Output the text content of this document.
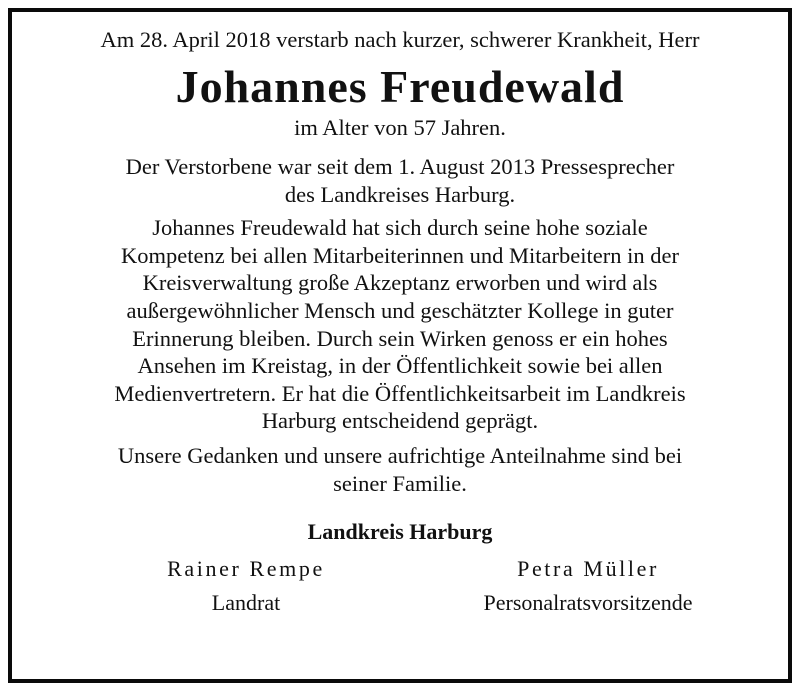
Am 28. April 2018 verstarb nach kurzer, schwerer Krankheit, Herr

Johannes Freudewald

im Alter von 57 Jahren.

Der Verstorbene war seit dem 1. August 2013 Pressesprecher
des Landkreises Harburg.

Johannes Freudewald hat sich durch seine hohe soziale
Kompetenz bei allen Mitarbeiterinnen und Mitarbeitern in der
Kreisverwaltung große Akzeptanz erworben und wird als
außergewöhnlicher Mensch und geschätzter Kollege in guter
Erinnerung bleiben. Durch sein Wirken genoss er ein hohes
Ansehen im Kreistag, in der Öffentlichkeit sowie bei allen
Medienvertretern. Er hat die Öffentlichkeitsarbeit im Landkreis
Harburg entscheidend geprägt.

Unsere Gedanken und unsere aufrichtige Anteilnahme sind bei
seiner Familie.

Landkreis Harburg

Rainer Rempe
Landrat
Petra Müller
Personalratsvorsitzende
